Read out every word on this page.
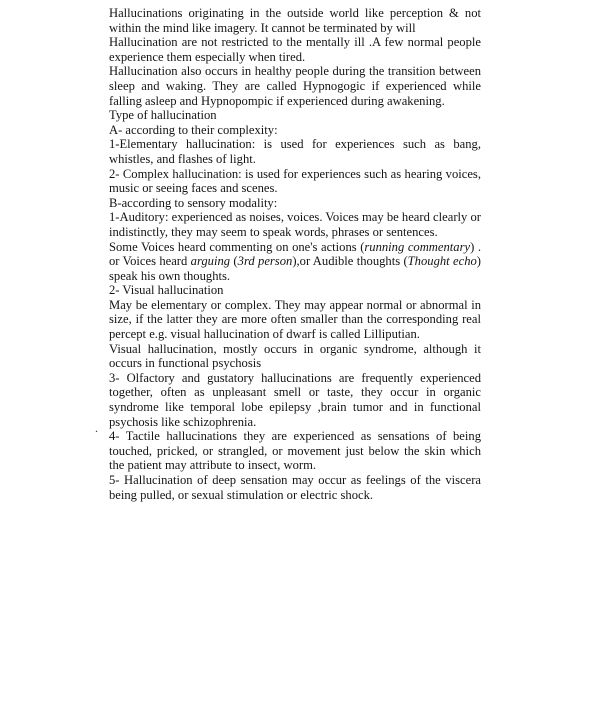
Hallucinations originating in the outside world like perception & not within the mind like imagery. It cannot be terminated by will

Hallucination are not restricted to the mentally ill .A few normal people experience them especially when tired.

Hallucination also occurs in healthy people during the transition between sleep and waking. They are called Hypnogogic if experienced while falling asleep and Hypnopompic if experienced during awakening.

Type of hallucination

A- according to their complexity:

1-Elementary hallucination: is used for experiences such as bang, whistles, and flashes of light.

2- Complex hallucination: is used for experiences such as hearing voices, music or seeing faces and scenes.

B-according to sensory modality:

1-Auditory: experienced as noises, voices. Voices may be heard clearly or indistinctly, they may seem to speak words, phrases or sentences.

Some Voices heard commenting on one's actions (running commentary) . or Voices heard arguing (3rd person),or Audible thoughts (Thought echo) speak his own thoughts.

2- Visual hallucination

May be elementary or complex. They may appear normal or abnormal in size, if the latter they are more often smaller than the corresponding real percept e.g. visual hallucination of dwarf is called Lilliputian.

Visual hallucination, mostly occurs in organic syndrome, although it occurs in functional psychosis

3- Olfactory and gustatory hallucinations are frequently experienced together, often as unpleasant smell or taste, they occur in organic syndrome like temporal lobe epilepsy ,brain tumor and in functional psychosis like schizophrenia.

4- Tactile hallucinations they are experienced as sensations of being touched, pricked, or strangled, or movement just below the skin which the patient may attribute to insect, worm.

5- Hallucination of deep sensation may occur as feelings of the viscera being pulled, or sexual stimulation or electric shock.

.
